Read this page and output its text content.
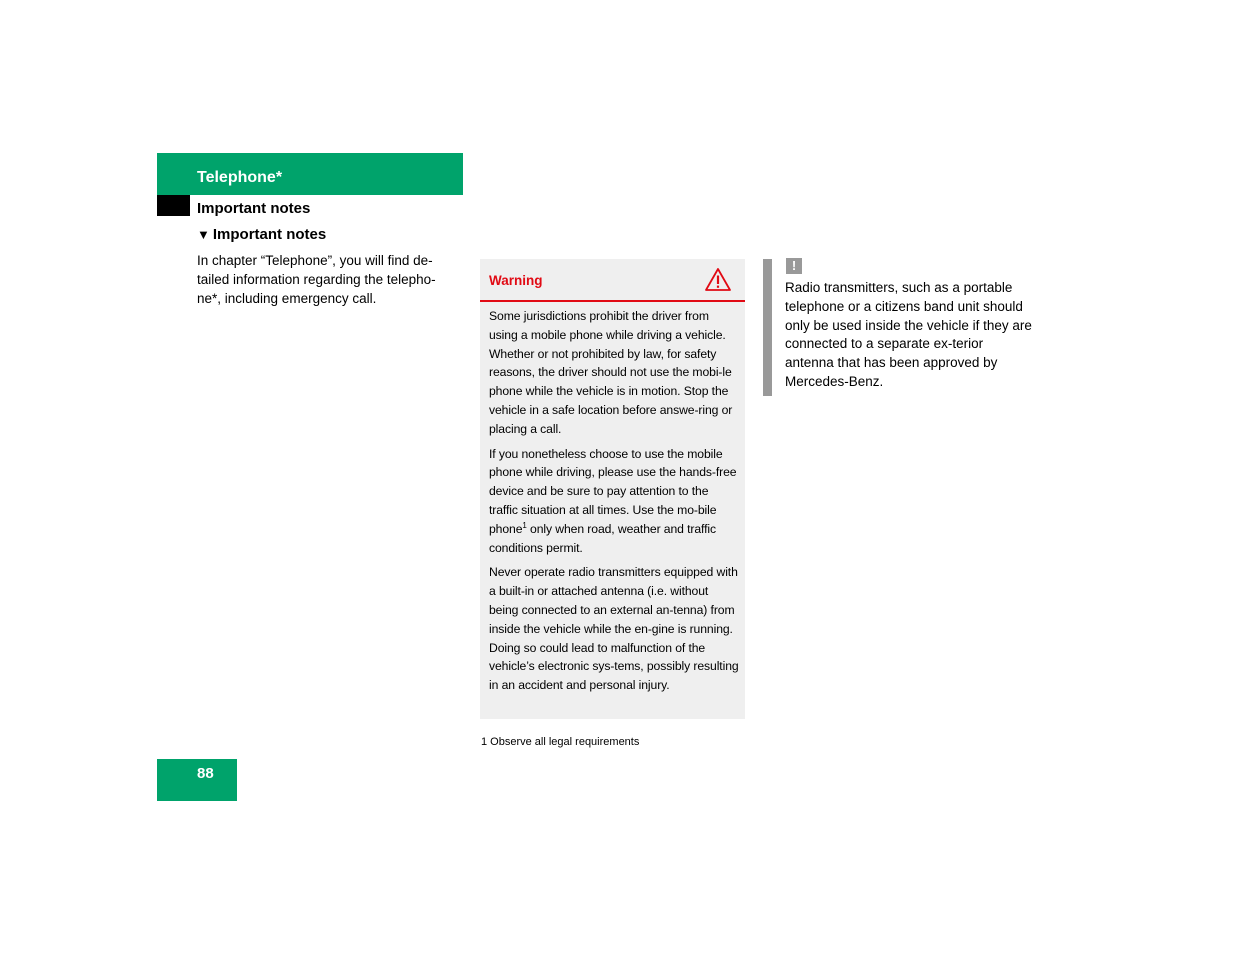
Telephone*
Important notes
▼ Important notes
In chapter “Telephone”, you will find de-tailed information regarding the telepho-ne*, including emergency call.
Warning

Some jurisdictions prohibit the driver from using a mobile phone while driving a vehicle. Whether or not prohibited by law, for safety reasons, the driver should not use the mobi-le phone while the vehicle is in motion. Stop the vehicle in a safe location before answe-ring or placing a call.

If you nonetheless choose to use the mobile phone while driving, please use the hands-free device and be sure to pay attention to the traffic situation at all times. Use the mo-bile phone$^1$ only when road, weather and traffic conditions permit.

Never operate radio transmitters equipped with a built-in or attached antenna (i.e. without being connected to an external an-tenna) from inside the vehicle while the en-gine is running. Doing so could lead to malfunction of the vehicle’s electronic sys-tems, possibly resulting in an accident and personal injury.

1 Observe all legal requirements
!
Radio transmitters, such as a portable telephone or a citizens band unit should only be used inside the vehicle if they are connected to a separate ex-terior antenna that has been approved by Mercedes-Benz.
88
